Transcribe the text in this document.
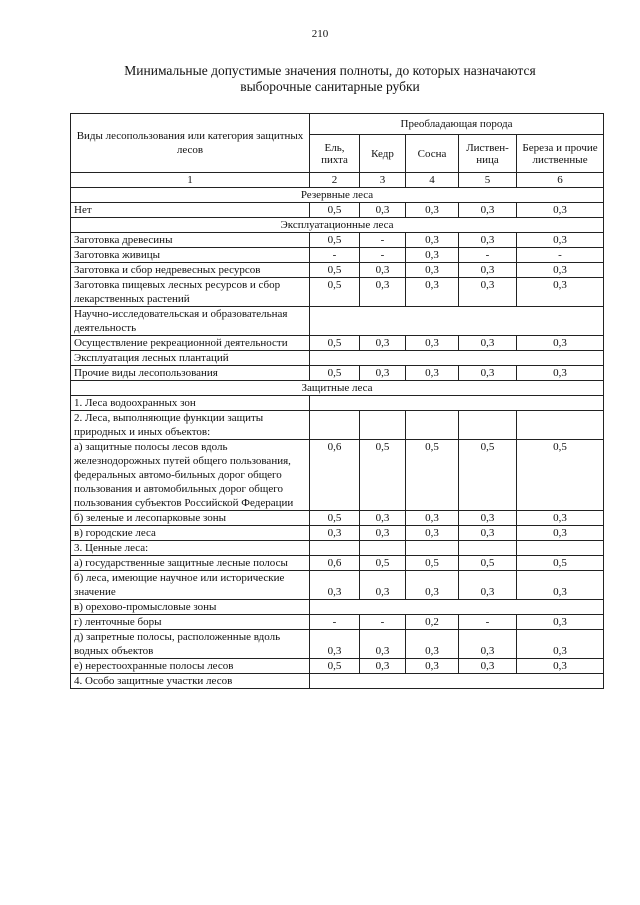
210
Минимальные допустимые значения полноты, до которых назначаются
выборочные санитарные рубки
Виды лесопользования или категория защитных лесов	Преобладающая порода				
	Ель, пихта	Кедр	Сосна	Листвен-ница	Береза и прочие лиственные
1	2	3	4	5	6
Резервные леса					
Нет	0,5	0,3	0,3	0,3	0,3
Эксплуатационные леса					
Заготовка древесины	0,5	-	0,3	0,3	0,3
Заготовка живицы	-	-	0,3	-	-
Заготовка и сбор недревесных ресурсов	0,5	0,3	0,3	0,3	0,3
Заготовка пищевых лесных ресурсов и сбор лекарственных растений	0,5	0,3	0,3	0,3	0,3
Научно-исследовательская и образовательная деятельность					
Осуществление рекреационной деятельности	0,5	0,3	0,3	0,3	0,3
Эксплуатация лесных плантаций					
Прочие виды лесопользования	0,5	0,3	0,3	0,3	0,3
Защитные леса					
1. Леса водоохранных зон					
2. Леса, выполняющие функции защиты природных и иных объектов:					
а) защитные полосы лесов вдоль железнодорожных путей общего пользования, федеральных автомо-бильных дорог общего пользования и автомобильных дорог общего пользования субъектов Российской Федерации	0,6	0,5	0,5	0,5	0,5
б) зеленые и лесопарковые зоны	0,5	0,3	0,3	0,3	0,3
в) городские леса	0,3	0,3	0,3	0,3	0,3
3. Ценные леса:					
а) государственные защитные лесные полосы	0,6	0,5	0,5	0,5	0,5
б) леса, имеющие научное или исторические значение	0,3	0,3	0,3	0,3	0,3
в) орехово-промысловые зоны					
г) ленточные боры	-	-	0,2	-	0,3
д) запретные полосы, расположенные вдоль водных объектов	0,3	0,3	0,3	0,3	0,3
е) нерестоохранные полосы лесов	0,5	0,3	0,3	0,3	0,3
4. Особо защитные участки лесов					
